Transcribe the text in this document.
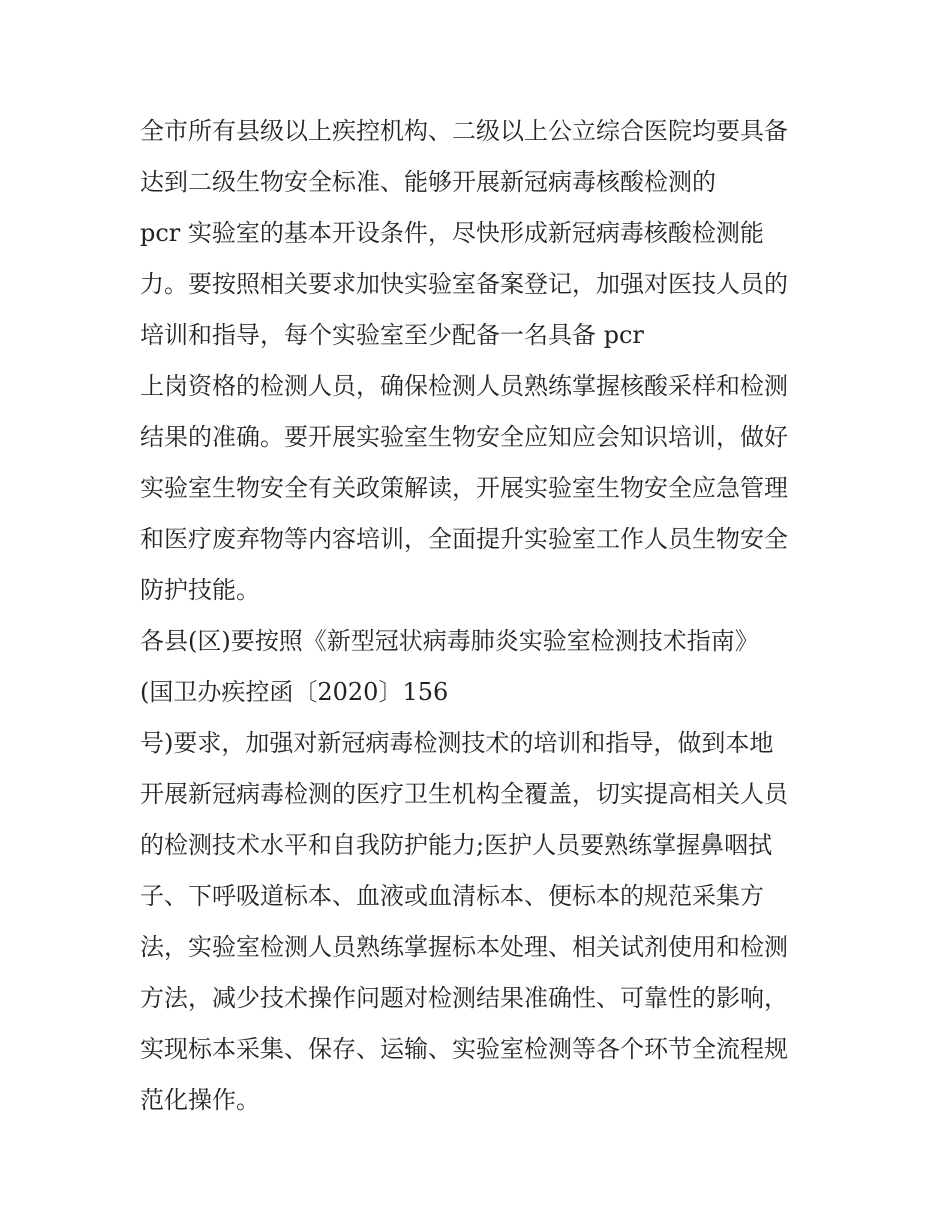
全市所有县级以上疾控机构、二级以上公立综合医院均要具备
达到二级生物安全标准、能够开展新冠病毒核酸检测的
pcr 实验室的基本开设条件，尽快形成新冠病毒核酸检测能
力。要按照相关要求加快实验室备案登记，加强对医技人员的
培训和指导，每个实验室至少配备一名具备 pcr
上岗资格的检测人员，确保检测人员熟练掌握核酸采样和检测
结果的准确。要开展实验室生物安全应知应会知识培训，做好
实验室生物安全有关政策解读，开展实验室生物安全应急管理
和医疗废弃物等内容培训，全面提升实验室工作人员生物安全
防护技能。
各县(区)要按照《新型冠状病毒肺炎实验室检测技术指南》
(国卫办疾控函〔2020〕156
号)要求，加强对新冠病毒检测技术的培训和指导，做到本地
开展新冠病毒检测的医疗卫生机构全覆盖，切实提高相关人员
的检测技术水平和自我防护能力;医护人员要熟练掌握鼻咽拭
子、下呼吸道标本、血液或血清标本、便标本的规范采集方
法，实验室检测人员熟练掌握标本处理、相关试剂使用和检测
方法，减少技术操作问题对检测结果准确性、可靠性的影响，
实现标本采集、保存、运输、实验室检测等各个环节全流程规
范化操作。
